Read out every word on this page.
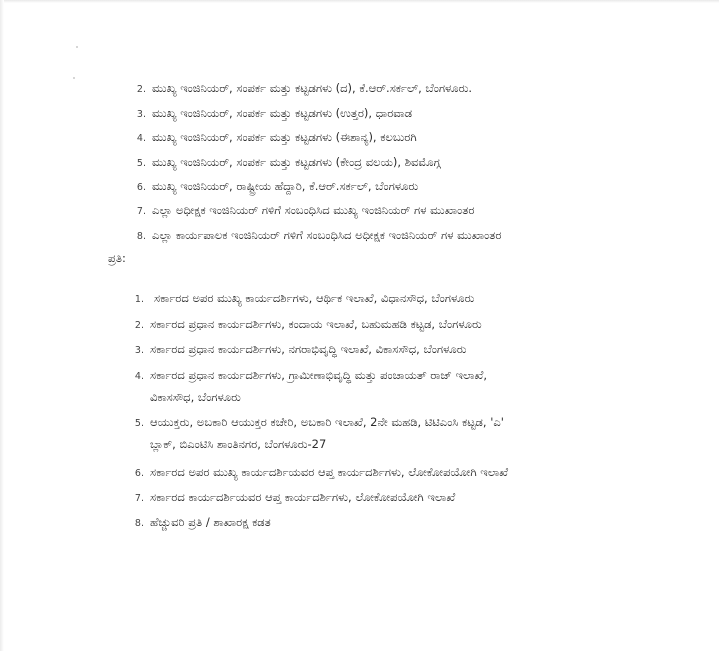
2. ಮುಖ್ಯ ಇಂಜಿನಿಯರ್, ಸಂಪರ್ಕ ಮತ್ತು ಕಟ್ಟಡಗಳು (ದ), ಕೆ.ಆರ್.ಸರ್ಕಲ್, ಬೆಂಗಳೂರು.
3. ಮುಖ್ಯ ಇಂಜಿನಿಯರ್, ಸಂಪರ್ಕ ಮತ್ತು ಕಟ್ಟಡಗಳು (ಉತ್ತರ), ಧಾರವಾಡ
4. ಮುಖ್ಯ ಇಂಜಿನಿಯರ್, ಸಂಪರ್ಕ ಮತ್ತು ಕಟ್ಟಡಗಳು (ಈಶಾನ್ಯ), ಕಲಬುರಗಿ
5. ಮುಖ್ಯ ಇಂಜಿನಿಯರ್, ಸಂಪರ್ಕ ಮತ್ತು ಕಟ್ಟಡಗಳು (ಕೇಂದ್ರ ವಲಯ), ಶಿವಮೊಗ್ಗ
6. ಮುಖ್ಯ ಇಂಜಿನಿಯರ್, ರಾಷ್ಟ್ರೀಯ ಹೆದ್ದಾರಿ, ಕೆ.ಆರ್.ಸರ್ಕಲ್, ಬೆಂಗಳೂರು
7. ಎಲ್ಲಾ ಅಧೀಕ್ಷಕ ಇಂಜಿನಿಯರ್ ಗಳಿಗೆ ಸಂಬಂಧಿಸಿದ ಮುಖ್ಯ ಇಂಜಿನಿಯರ್ ಗಳ ಮುಖಾಂತರ
8. ಎಲ್ಲಾ ಕಾರ್ಯಪಾಲಕ ಇಂಜಿನಿಯರ್ ಗಳಿಗೆ ಸಂಬಂಧಿಸಿದ ಅಧೀಕ್ಷಕ ಇಂಜಿನಿಯರ್ ಗಳ ಮುಖಾಂತರ
ಪ್ರತಿ:
1. ಸರ್ಕಾರದ ಅಪರ ಮುಖ್ಯ ಕಾರ್ಯದರ್ಶಿಗಳು, ಆರ್ಥಿಕ ಇಲಾಖೆ, ವಿಧಾನಸೌಧ, ಬೆಂಗಳೂರು
2. ಸರ್ಕಾರದ ಪ್ರಧಾನ ಕಾರ್ಯದರ್ಶಿಗಳು, ಕಂದಾಯ ಇಲಾಖೆ, ಬಹುಮಹಡಿ ಕಟ್ಟಡ, ಬೆಂಗಳೂರು
3. ಸರ್ಕಾರದ ಪ್ರಧಾನ ಕಾರ್ಯದರ್ಶಿಗಳು, ನಗರಾಭಿವೃದ್ಧಿ ಇಲಾಖೆ, ವಿಕಾಸಸೌಧ, ಬೆಂಗಳೂರು
4. ಸರ್ಕಾರದ ಪ್ರಧಾನ ಕಾರ್ಯದರ್ಶಿಗಳು, ಗ್ರಾಮೀಣಾಭಿವೃದ್ಧಿ ಮತ್ತು ಪಂಚಾಯತ್ ರಾಜ್ ಇಲಾಖೆ,
ವಿಕಾಸಸೌಧ, ಬೆಂಗಳೂರು
5. ಆಯುಕ್ತರು, ಅಬಕಾರಿ ಆಯುಕ್ತರ ಕಚೇರಿ, ಅಬಕಾರಿ ಇಲಾಖೆ, 2ನೇ ಮಹಡಿ, ಟಿಟಿಎಂಸಿ ಕಟ್ಟಡ, 'ಎ'
ಬ್ಲಾಕ್, ಬಿಎಂಟಿಸಿ ಶಾಂತಿನಗರ, ಬೆಂಗಳೂರು-27
6. ಸರ್ಕಾರದ ಅಪರ ಮುಖ್ಯ ಕಾರ್ಯದರ್ಶಿಯವರ ಆಪ್ತ ಕಾರ್ಯದರ್ಶಿಗಳು, ಲೋಕೋಪಯೋಗಿ ಇಲಾಖೆ
7. ಸರ್ಕಾರದ ಕಾರ್ಯದರ್ಶಿಯವರ ಆಪ್ತ ಕಾರ್ಯದರ್ಶಿಗಳು, ಲೋಕೋಪಯೋಗಿ ಇಲಾಖೆ
8. ಹೆಚ್ಚುವರಿ ಪ್ರತಿ / ಶಾಖಾರಕ್ಷ ಕಡತ
